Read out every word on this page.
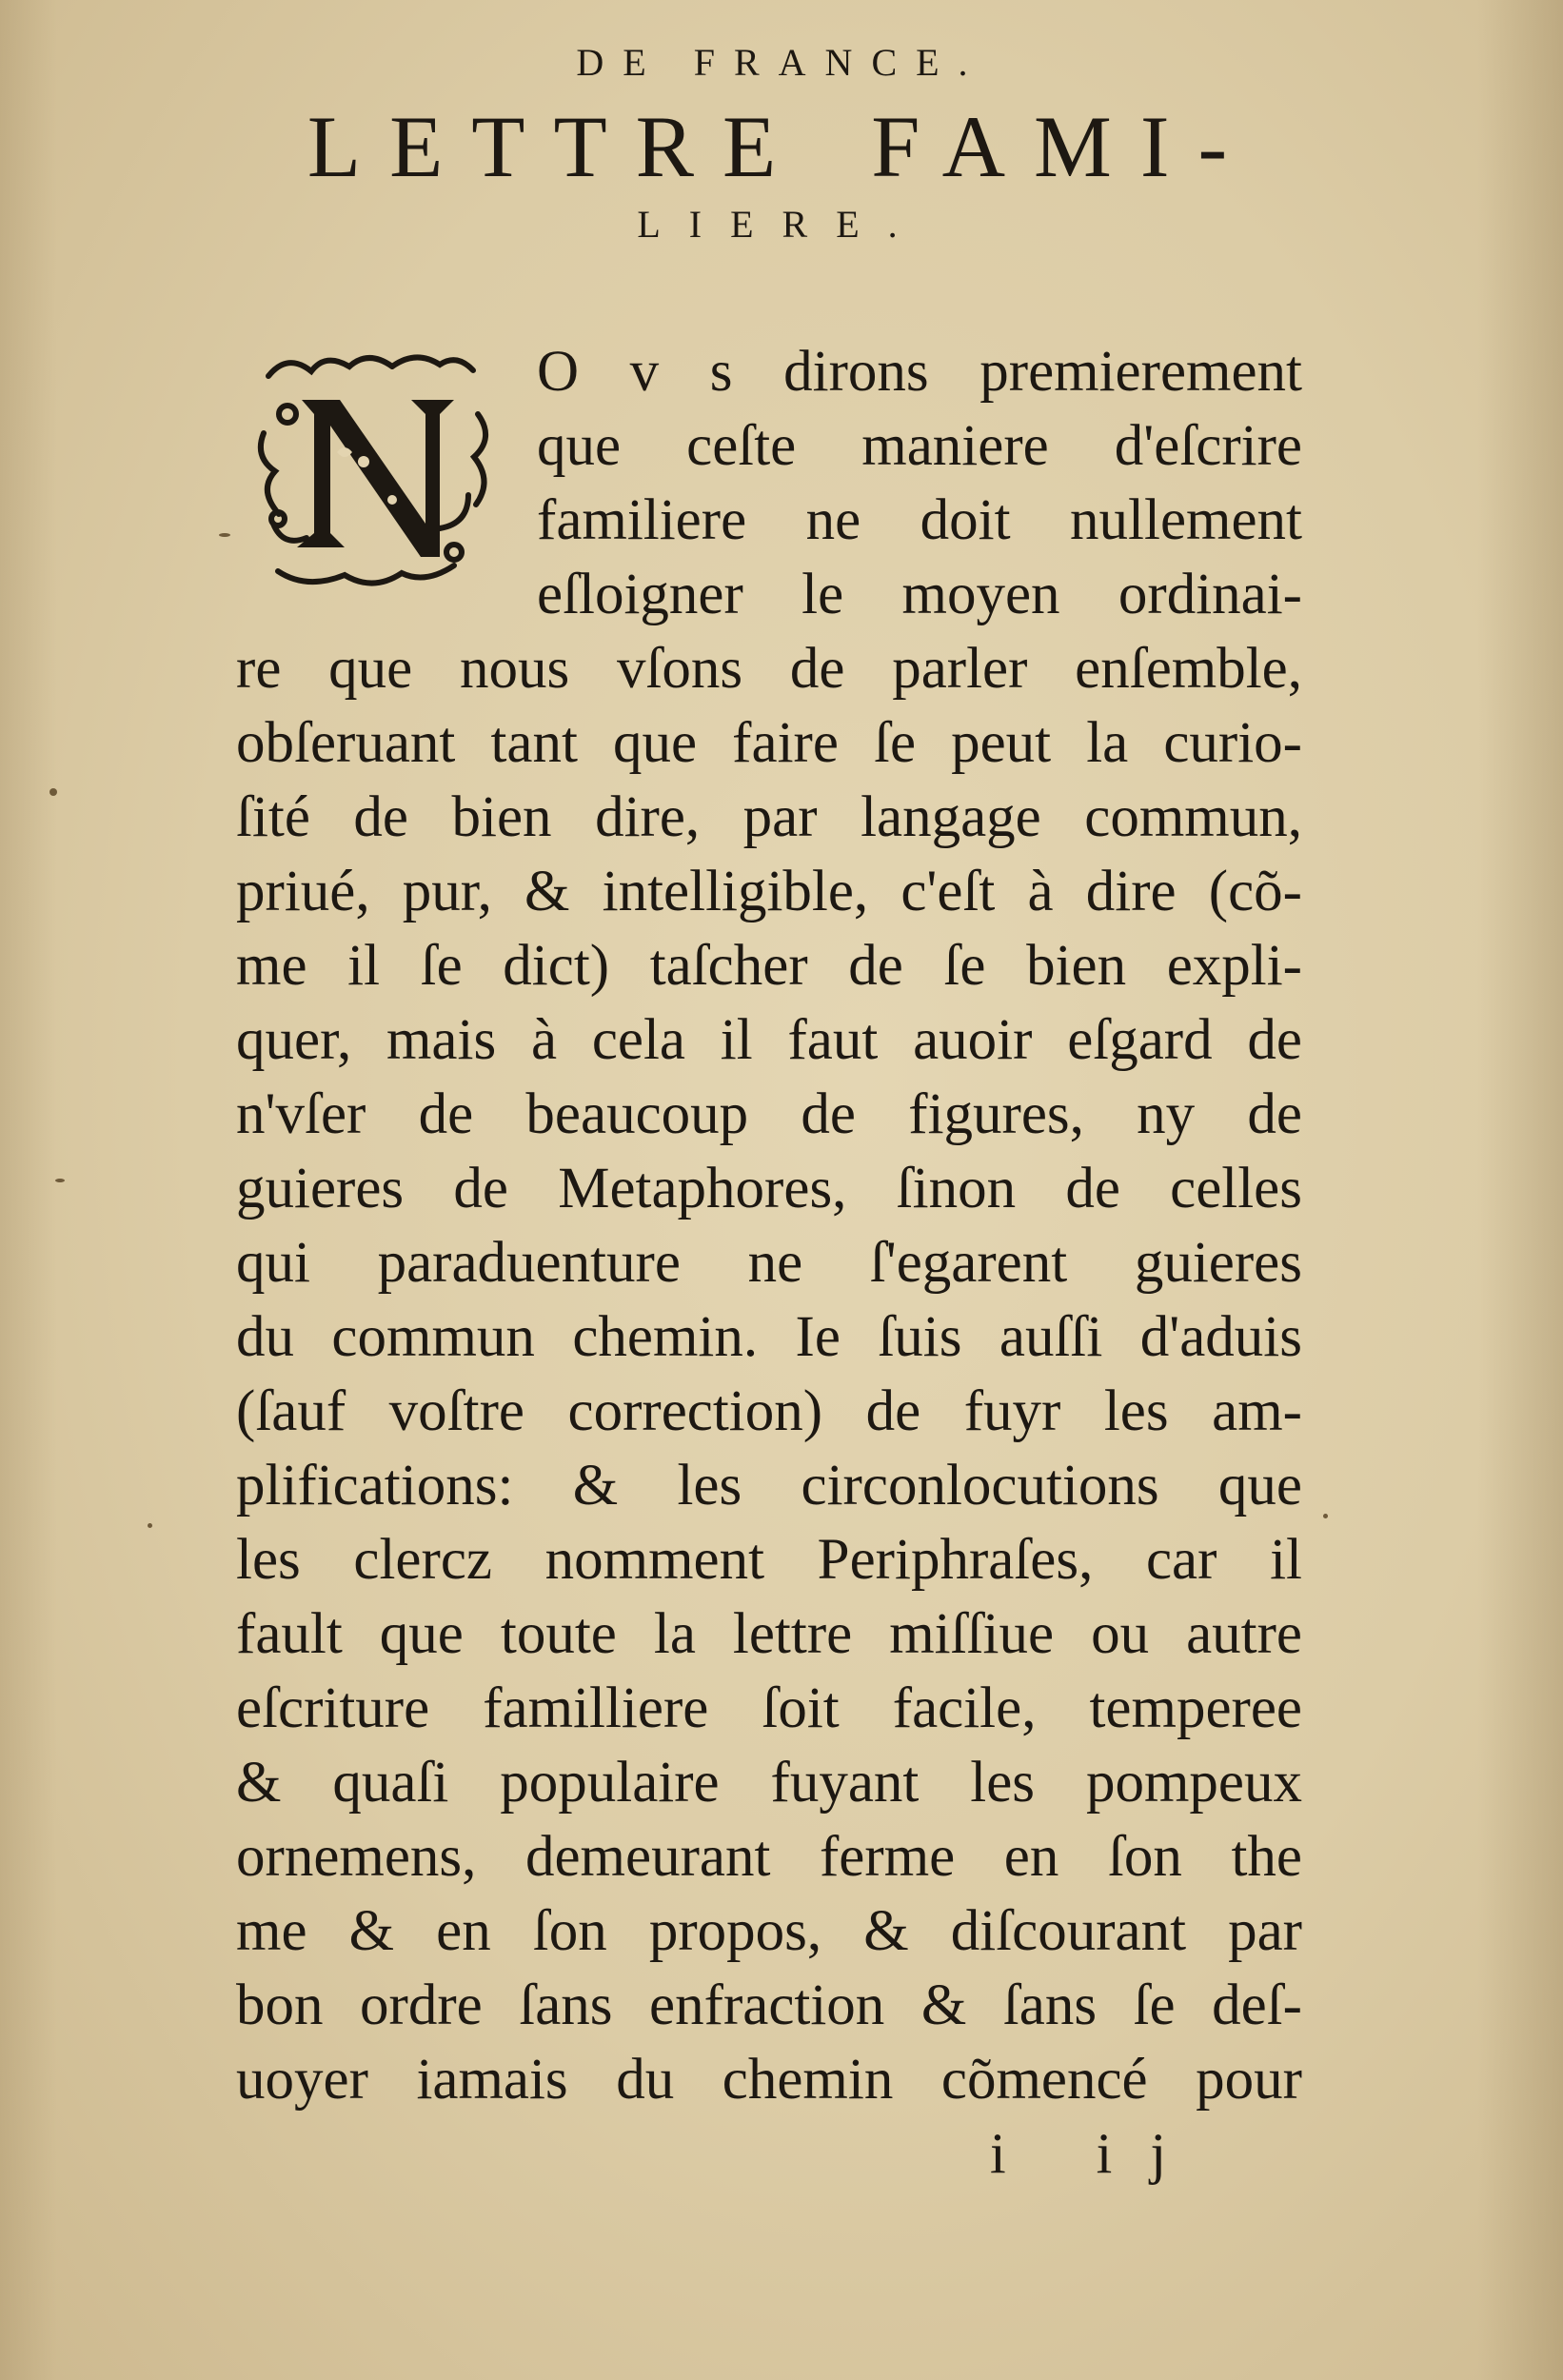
DE FRANCE.
LETTRE FAMI-
LIERE.
O v s dirons premierement
que ceſte maniere d'eſcrire
familiere ne doit nullement
eſloigner le moyen ordinai-
re que nous vſons de parler enſemble,
obſeruant tant que faire ſe peut la curio-
ſité de bien dire, par langage commun,
priué, pur, & intelligible, c'eſt à dire (cõ-
me il ſe dict) taſcher de ſe bien expli-
quer, mais à cela il faut auoir eſgard de
n'vſer de beaucoup de figures, ny de
guieres de Metaphores, ſinon de celles
qui paraduenture ne ſ'egarent guieres
du commun chemin. Ie ſuis auſſi d'aduis
(ſauf voſtre correction) de fuyr les am-
plifications: & les circonlocutions que
les clercz nomment Periphraſes, car il
fault que toute la lettre miſſiue ou autre
eſcriture familliere ſoit facile, temperee
& quaſi populaire fuyant les pompeux
ornemens, demeurant ferme en ſon the
me & en ſon propos, & diſcourant par
bon ordre ſans enfraction & ſans ſe deſ-
uoyer iamais du chemin cõmencé pour
i ij
